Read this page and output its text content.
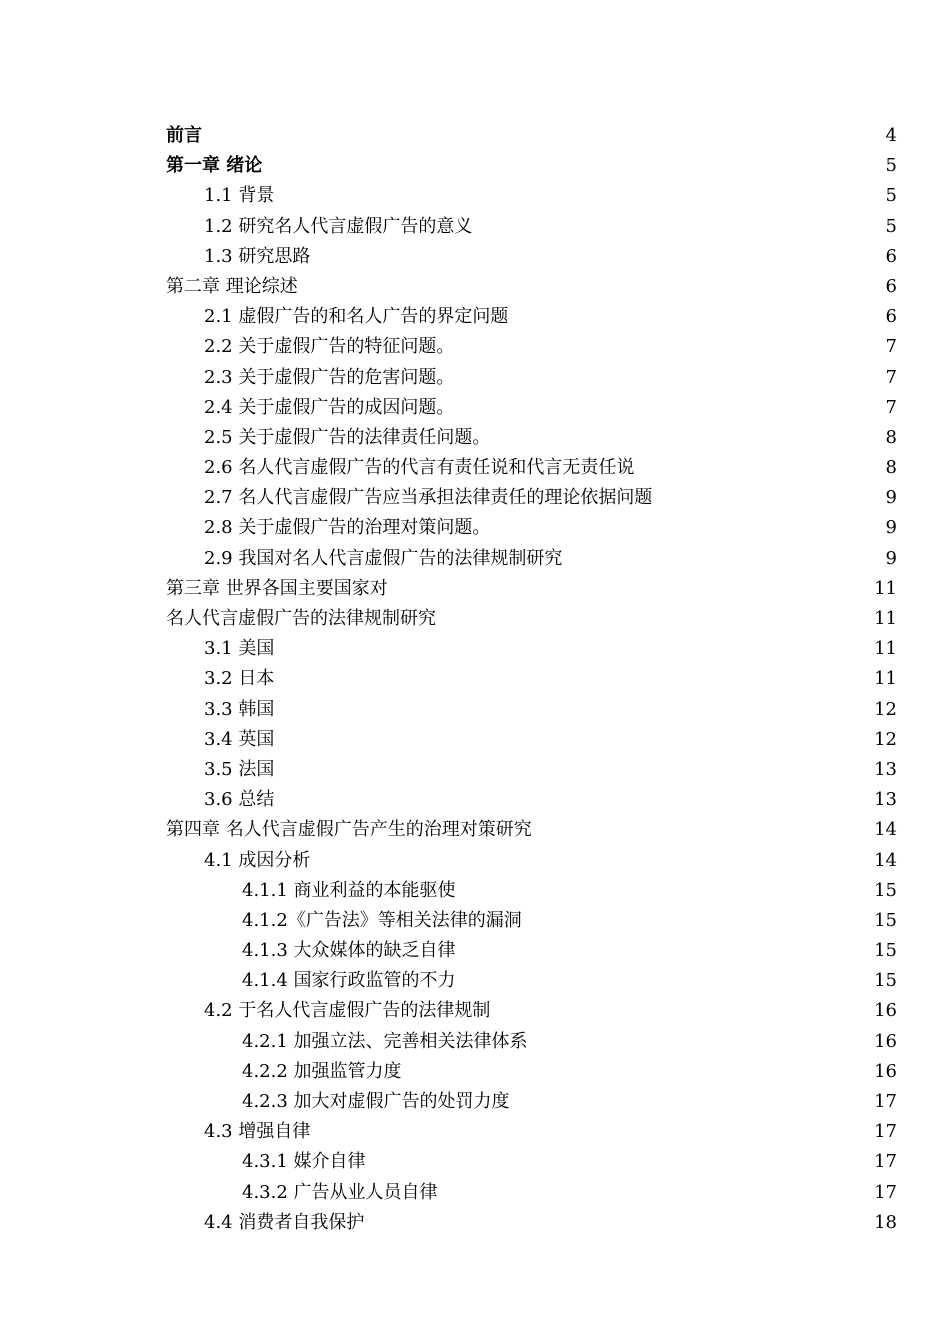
前言	4
第一章 绪论	5
1.1 背景	5
1.2 研究名人代言虚假广告的意义	5
1.3 研究思路	6
第二章 理论综述	6
2.1 虚假广告的和名人广告的界定问题	6
2.2 关于虚假广告的特征问题。	7
2.3 关于虚假广告的危害问题。	7
2.4 关于虚假广告的成因问题。	7
2.5 关于虚假广告的法律责任问题。	8
2.6 名人代言虚假广告的代言有责任说和代言无责任说	8
2.7 名人代言虚假广告应当承担法律责任的理论依据问题	9
2.8 关于虚假广告的治理对策问题。	9
2.9 我国对名人代言虚假广告的法律规制研究	9
第三章 世界各国主要国家对	11
名人代言虚假广告的法律规制研究	11
3.1 美国	11
3.2 日本	11
3.3 韩国	12
3.4 英国	12
3.5 法国	13
3.6 总结	13
第四章 名人代言虚假广告产生的治理对策研究	14
4.1 成因分析	14
4.1.1 商业利益的本能驱使	15
4.1.2《广告法》等相关法律的漏洞	15
4.1.3 大众媒体的缺乏自律	15
4.1.4 国家行政监管的不力	15
4.2 于名人代言虚假广告的法律规制	16
4.2.1 加强立法、完善相关法律体系	16
4.2.2 加强监管力度	16
4.2.3 加大对虚假广告的处罚力度	17
4.3 增强自律	17
4.3.1 媒介自律	17
4.3.2 广告从业人员自律	17
4.4 消费者自我保护	18
